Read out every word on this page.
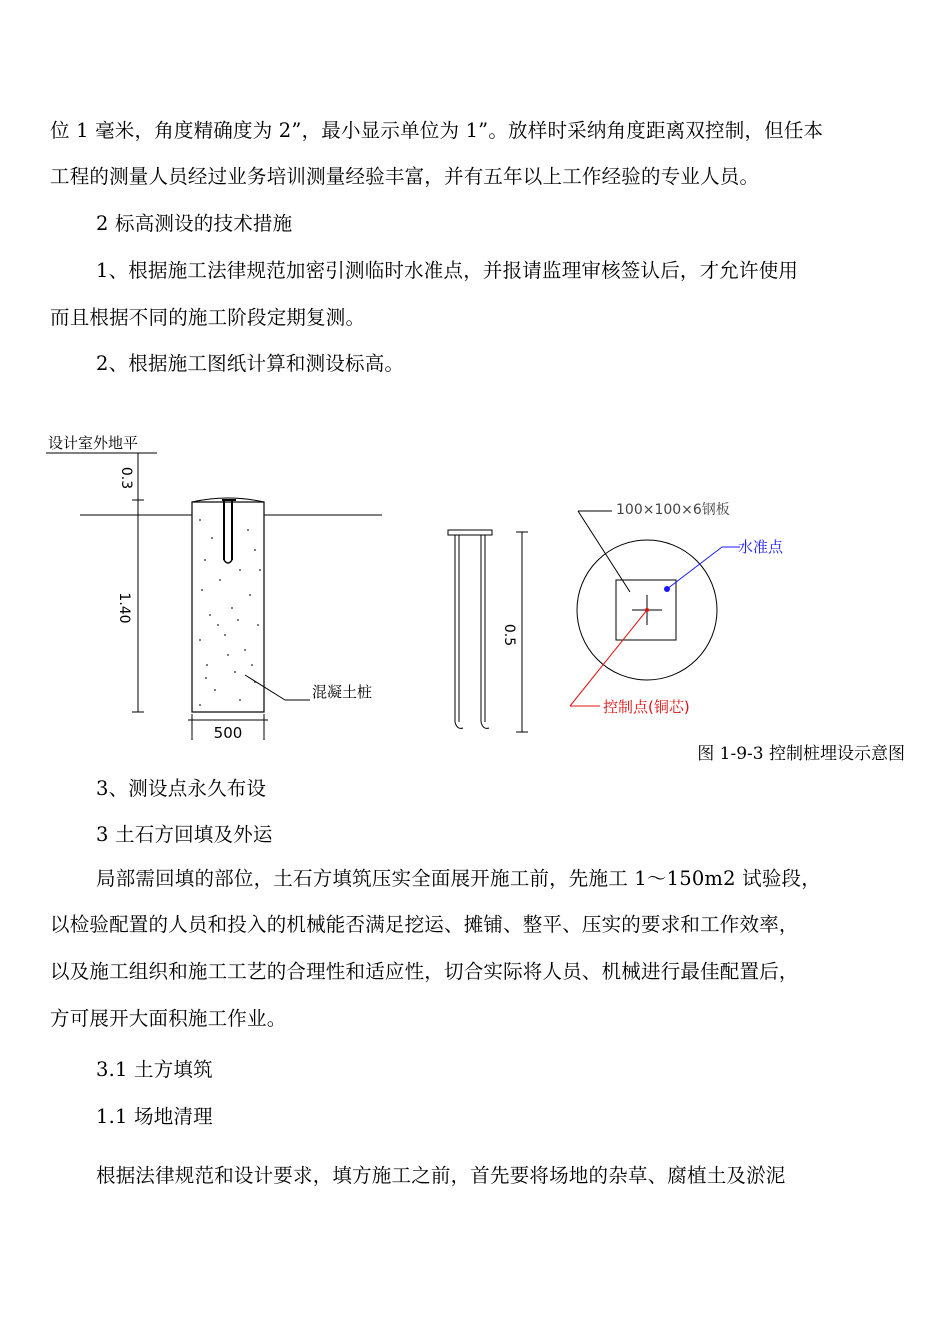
位 1 毫米，角度精确度为 2”，最小显示单位为 1”。放样时采纳角度距离双控制，但任本
工程的测量人员经过业务培训测量经验丰富，并有五年以上工作经验的专业人员。
2 标高测设的技术措施
1、根据施工法律规范加密引测临时水准点，并报请监理审核签认后，才允许使用
而且根据不同的施工阶段定期复测。
2、根据施工图纸计算和测设标高。
设计室外地平
0.3
1.40
500
混凝土桩
0.5
100×100×6钢板
水准点
控制点(铜芯)
图 1-9-3 控制桩埋设示意图
3、测设点永久布设
3 土石方回填及外运
局部需回填的部位，土石方填筑压实全面展开施工前，先施工 1〜150m2 试验段，
以检验配置的人员和投入的机械能否满足挖运、摊铺、整平、压实的要求和工作效率，
以及施工组织和施工工艺的合理性和适应性，切合实际将人员、机械进行最佳配置后，
方可展开大面积施工作业。
3.1 土方填筑
1.1 场地清理
根据法律规范和设计要求，填方施工之前，首先要将场地的杂草、腐植土及淤泥
